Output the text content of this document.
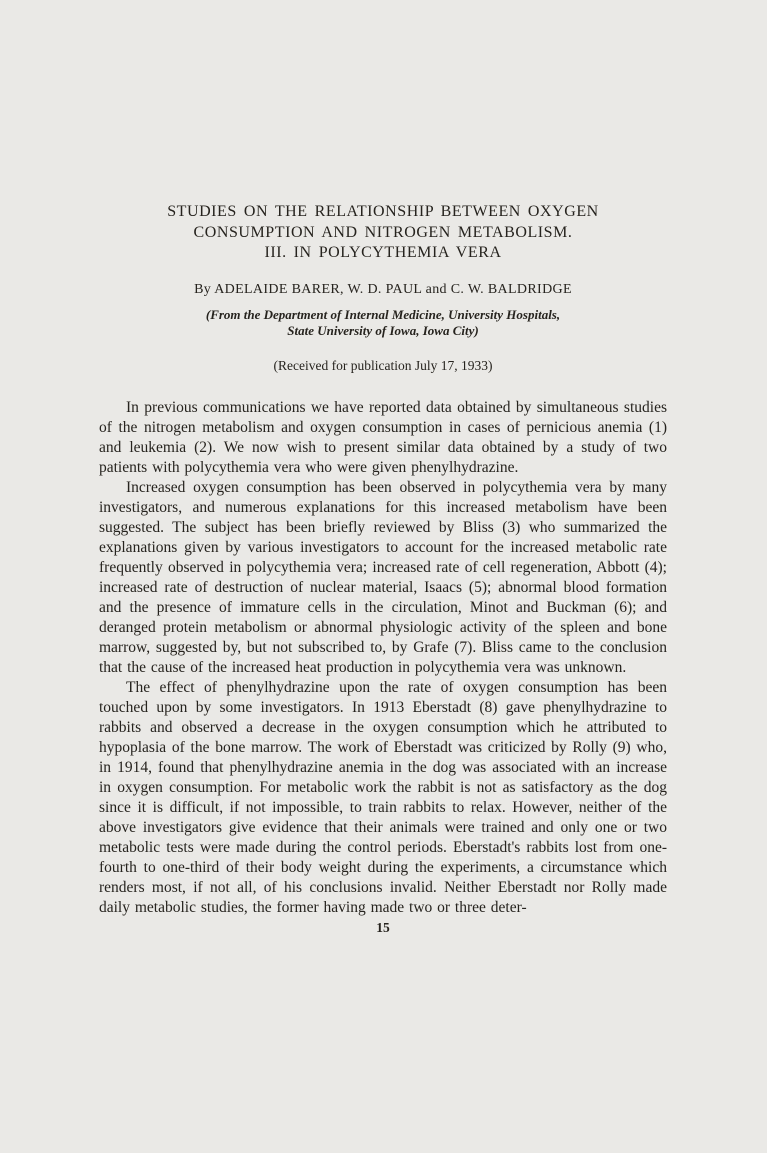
STUDIES ON THE RELATIONSHIP BETWEEN OXYGEN
CONSUMPTION AND NITROGEN METABOLISM.
III. IN POLYCYTHEMIA VERA
By ADELAIDE BARER, W. D. PAUL and C. W. BALDRIDGE
(From the Department of Internal Medicine, University Hospitals,
State University of Iowa, Iowa City)
(Received for publication July 17, 1933)

In previous communications we have reported data obtained by simultaneous studies of the nitrogen metabolism and oxygen consumption in cases of pernicious anemia (1) and leukemia (2). We now wish to present similar data obtained by a study of two patients with polycythemia vera who were given phenylhydrazine.

Increased oxygen consumption has been observed in polycythemia vera by many investigators, and numerous explanations for this increased metabolism have been suggested. The subject has been briefly reviewed by Bliss (3) who summarized the explanations given by various investigators to account for the increased metabolic rate frequently observed in polycythemia vera; increased rate of cell regeneration, Abbott (4); increased rate of destruction of nuclear material, Isaacs (5); abnormal blood formation and the presence of immature cells in the circulation, Minot and Buckman (6); and deranged protein metabolism or abnormal physiologic activity of the spleen and bone marrow, suggested by, but not subscribed to, by Grafe (7). Bliss came to the conclusion that the cause of the increased heat production in polycythemia vera was unknown.

The effect of phenylhydrazine upon the rate of oxygen consumption has been touched upon by some investigators. In 1913 Eberstadt (8) gave phenylhydrazine to rabbits and observed a decrease in the oxygen consumption which he attributed to hypoplasia of the bone marrow. The work of Eberstadt was criticized by Rolly (9) who, in 1914, found that phenylhydrazine anemia in the dog was associated with an increase in oxygen consumption. For metabolic work the rabbit is not as satisfactory as the dog since it is difficult, if not impossible, to train rabbits to relax. However, neither of the above investigators give evidence that their animals were trained and only one or two metabolic tests were made during the control periods. Eberstadt's rabbits lost from one-fourth to one-third of their body weight during the experiments, a circumstance which renders most, if not all, of his conclusions invalid. Neither Eberstadt nor Rolly made daily metabolic studies, the former having made two or three deter-

15
